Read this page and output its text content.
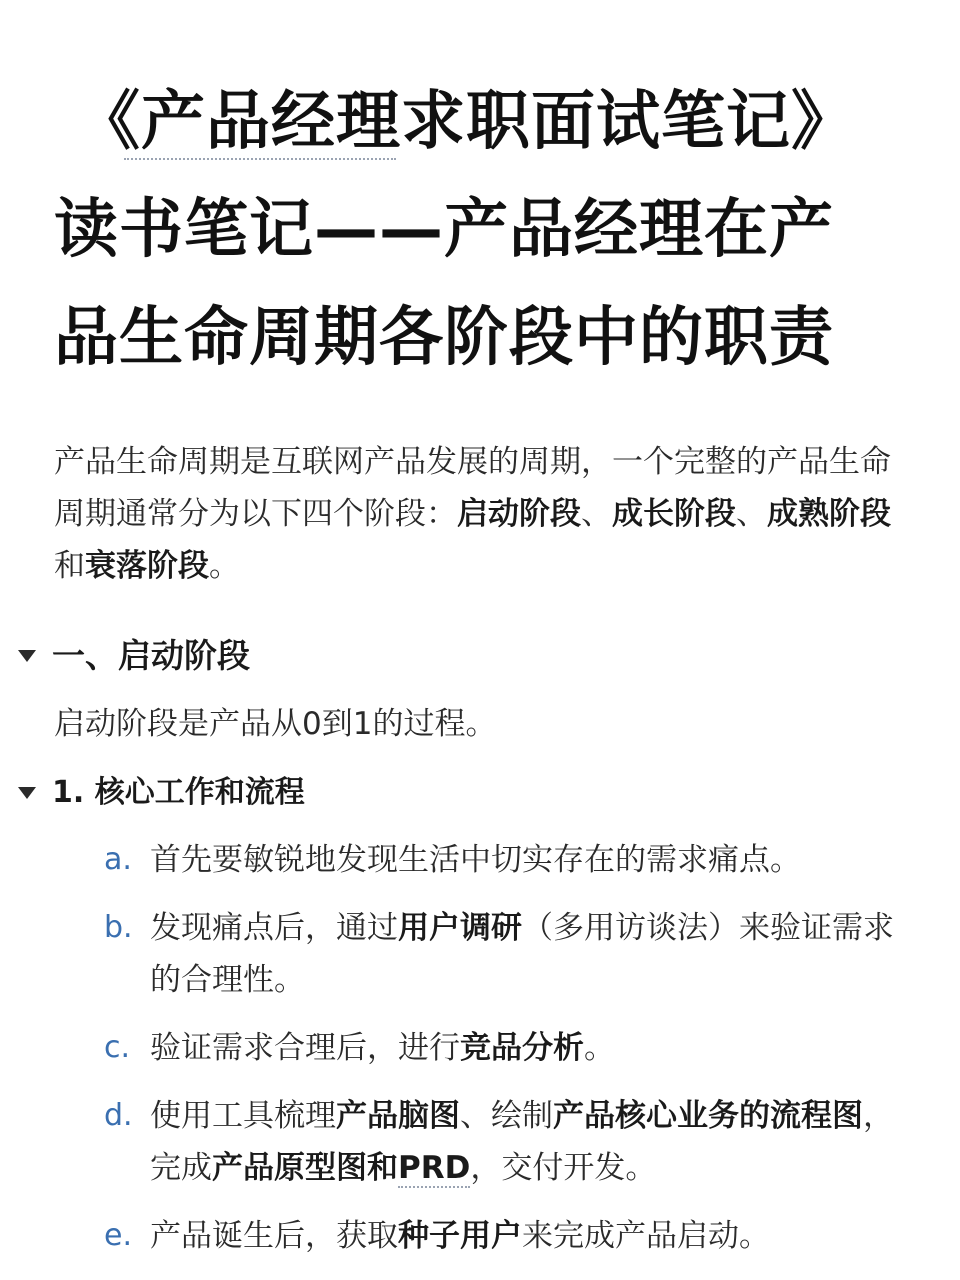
《产品经理求职面试笔记》
读书笔记——产品经理在产
品生命周期各阶段中的职责

产品生命周期是互联网产品发展的周期，一个完整的产品生命周期通常分为以下四个阶段：启动阶段、成长阶段、成熟阶段和衰落阶段。

一、启动阶段

启动阶段是产品从0到1的过程。

1. 核心工作和流程
a. 首先要敏锐地发现生活中切实存在的需求痛点。
b. 发现痛点后，通过用户调研（多用访谈法）来验证需求的合理性。
c. 验证需求合理后，进行竞品分析。
d. 使用工具梳理产品脑图、绘制产品核心业务的流程图，完成产品原型图和PRD，交付开发。
e. 产品诞生后，获取种子用户来完成产品启动。
